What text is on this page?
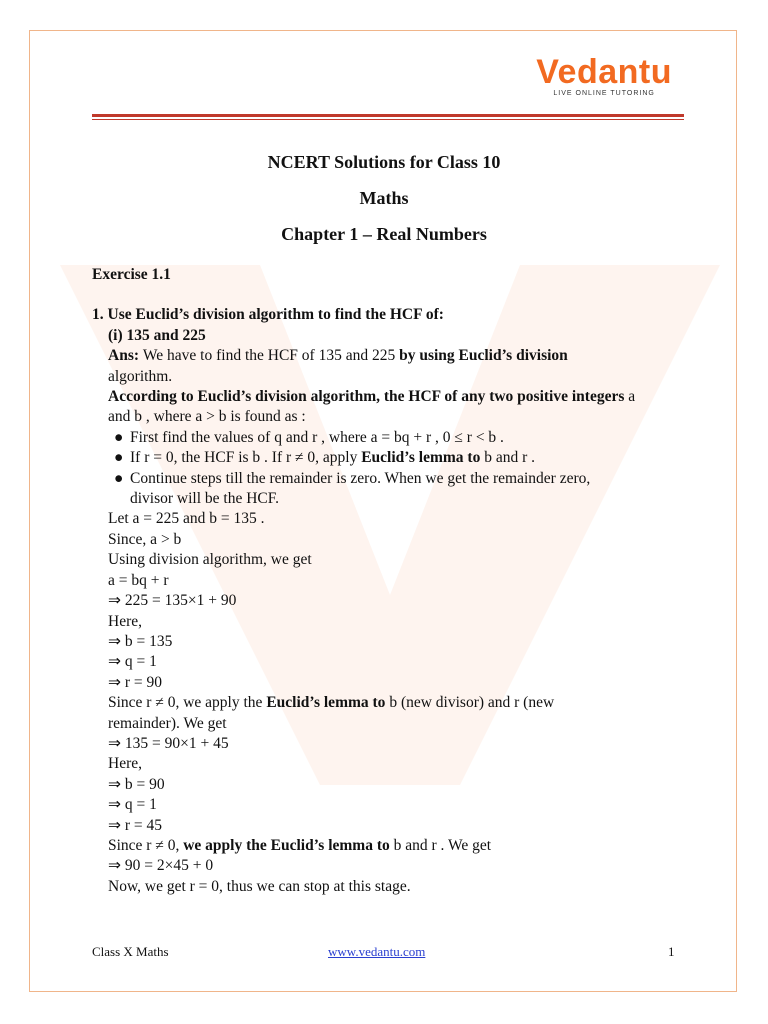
Vedantu
LIVE ONLINE TUTORING
NCERT Solutions for Class 10
Maths
Chapter 1 – Real Numbers
Exercise 1.1
1. Use Euclid’s division algorithm to find the HCF of:
(i) 135 and 225
Ans: We have to find the HCF of 135 and 225 by using Euclid’s division
algorithm.
According to Euclid’s division algorithm, the HCF of any two positive integers a
and b , where a > b is found as :
● First find the values of q and r , where a = bq + r , 0 ≤ r < b .
● If r = 0, the HCF is b . If r ≠ 0, apply Euclid’s lemma to b and r .
● Continue steps till the remainder is zero. When we get the remainder zero,
divisor will be the HCF.
Let a = 225 and b = 135 .
Since, a > b
Using division algorithm, we get
a = bq + r
⇒ 225 = 135×1 + 90
Here,
⇒ b = 135
⇒ q = 1
⇒ r = 90
Since r ≠ 0, we apply the Euclid’s lemma to b (new divisor) and r (new
remainder). We get
⇒ 135 = 90×1 + 45
Here,
⇒ b = 90
⇒ q = 1
⇒ r = 45
Since r ≠ 0, we apply the Euclid’s lemma to b and r . We get
⇒ 90 = 2×45 + 0
Now, we get r = 0, thus we can stop at this stage.
Class X Maths	www.vedantu.com	1
